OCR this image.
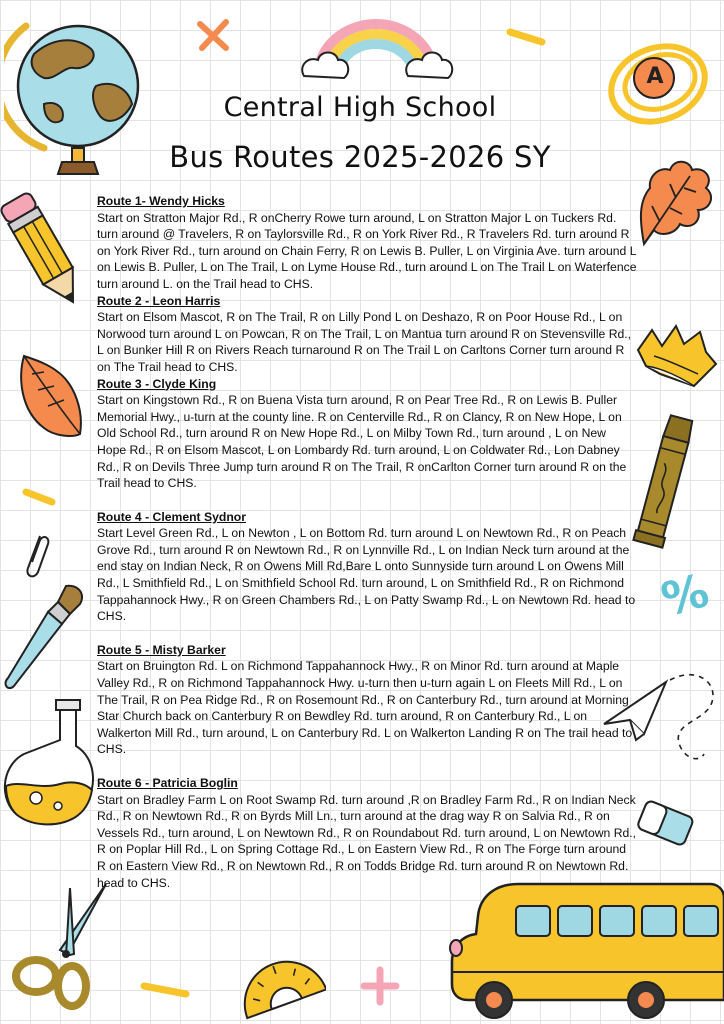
A
%
Central High School
Bus Routes 2025-2026 SY
Route 1- Wendy Hicks

Start on Stratton Major Rd., R onCherry Rowe turn around, L on Stratton Major L on Tuckers Rd. turn around @ Travelers, R on Taylorsville Rd., R on York River Rd., R Travelers Rd. turn around R on York River Rd., turn around on Chain Ferry, R on Lewis B. Puller, L on Virginia Ave. turn around L on Lewis B. Puller, L on The Trail, L on Lyme House Rd., turn around L on The Trail L on Waterfence turn around L. on the Trail head to CHS.

Route 2 - Leon Harris

Start on Elsom Mascot, R on The Trail, R on Lilly Pond L on Deshazo, R on Poor House Rd., L on Norwood turn around L on Powcan, R on The Trail, L on Mantua turn around R on Stevensville Rd., L on Bunker Hill R on Rivers Reach turnaround R on The Trail L on Carltons Corner turn around R on The Trail head to CHS.

Route 3 - Clyde King

Start on Kingstown Rd., R on Buena Vista turn around, R on Pear Tree Rd., R on Lewis B. Puller Memorial Hwy., u-turn at the county line. R on Centerville Rd., R on Clancy, R on New Hope, L on Old School Rd., turn around R on New Hope Rd., L on Milby Town Rd., turn around , L on New Hope Rd., R on Elsom Mascot, L on Lombardy Rd. turn around, L on Coldwater Rd., Lon Dabney Rd., R on Devils Three Jump turn around R on The Trail, R onCarlton Corner turn around R on the Trail head to CHS.

Route 4 - Clement Sydnor

Start Level Green Rd., L on Newton , L on Bottom Rd. turn around L on Newtown Rd., R on Peach Grove Rd., turn around R on Newtown Rd., R on Lynnville Rd., L on Indian Neck turn around at the end stay on Indian Neck, R on Owens Mill Rd,Bare L onto Sunnyside turn around L on Owens Mill Rd., L Smithfield Rd., L on Smithfield School Rd. turn around, L on Smithfield Rd., R on Richmond Tappahannock Hwy., R on Green Chambers Rd., L on Patty Swamp Rd., L on Newtown Rd. head to CHS.

Route 5 - Misty Barker

Start on Bruington Rd. L on Richmond Tappahannock Hwy., R on Minor Rd. turn around at Maple Valley Rd., R on Richmond Tappahannock Hwy. u-turn then u-turn again L on Fleets Mill Rd., L on The Trail, R on Pea Ridge Rd., R on Rosemount Rd., R on Canterbury Rd., turn around at Morning Star Church back on Canterbury R on Bewdley Rd. turn around, R on Canterbury Rd., L on Walkerton Mill Rd., turn around, L on Canterbury Rd. L on Walkerton Landing R on The trail head to CHS.

Route 6 - Patricia Boglin

Start on Bradley Farm L on Root Swamp Rd. turn around ,R on Bradley Farm Rd., R on Indian Neck Rd., R on Newtown Rd., R on Byrds Mill Ln., turn around at the drag way R on Salvia Rd., R on Vessels Rd., turn around, L on Newtown Rd., R on Roundabout Rd. turn around, L on Newtown Rd., R on Poplar Hill Rd., L on Spring Cottage Rd., L on Eastern View Rd., R on The Forge turn around R on Eastern View Rd., R on Newtown Rd., R on Todds Bridge Rd. turn around R on Newtown Rd. head to CHS.
